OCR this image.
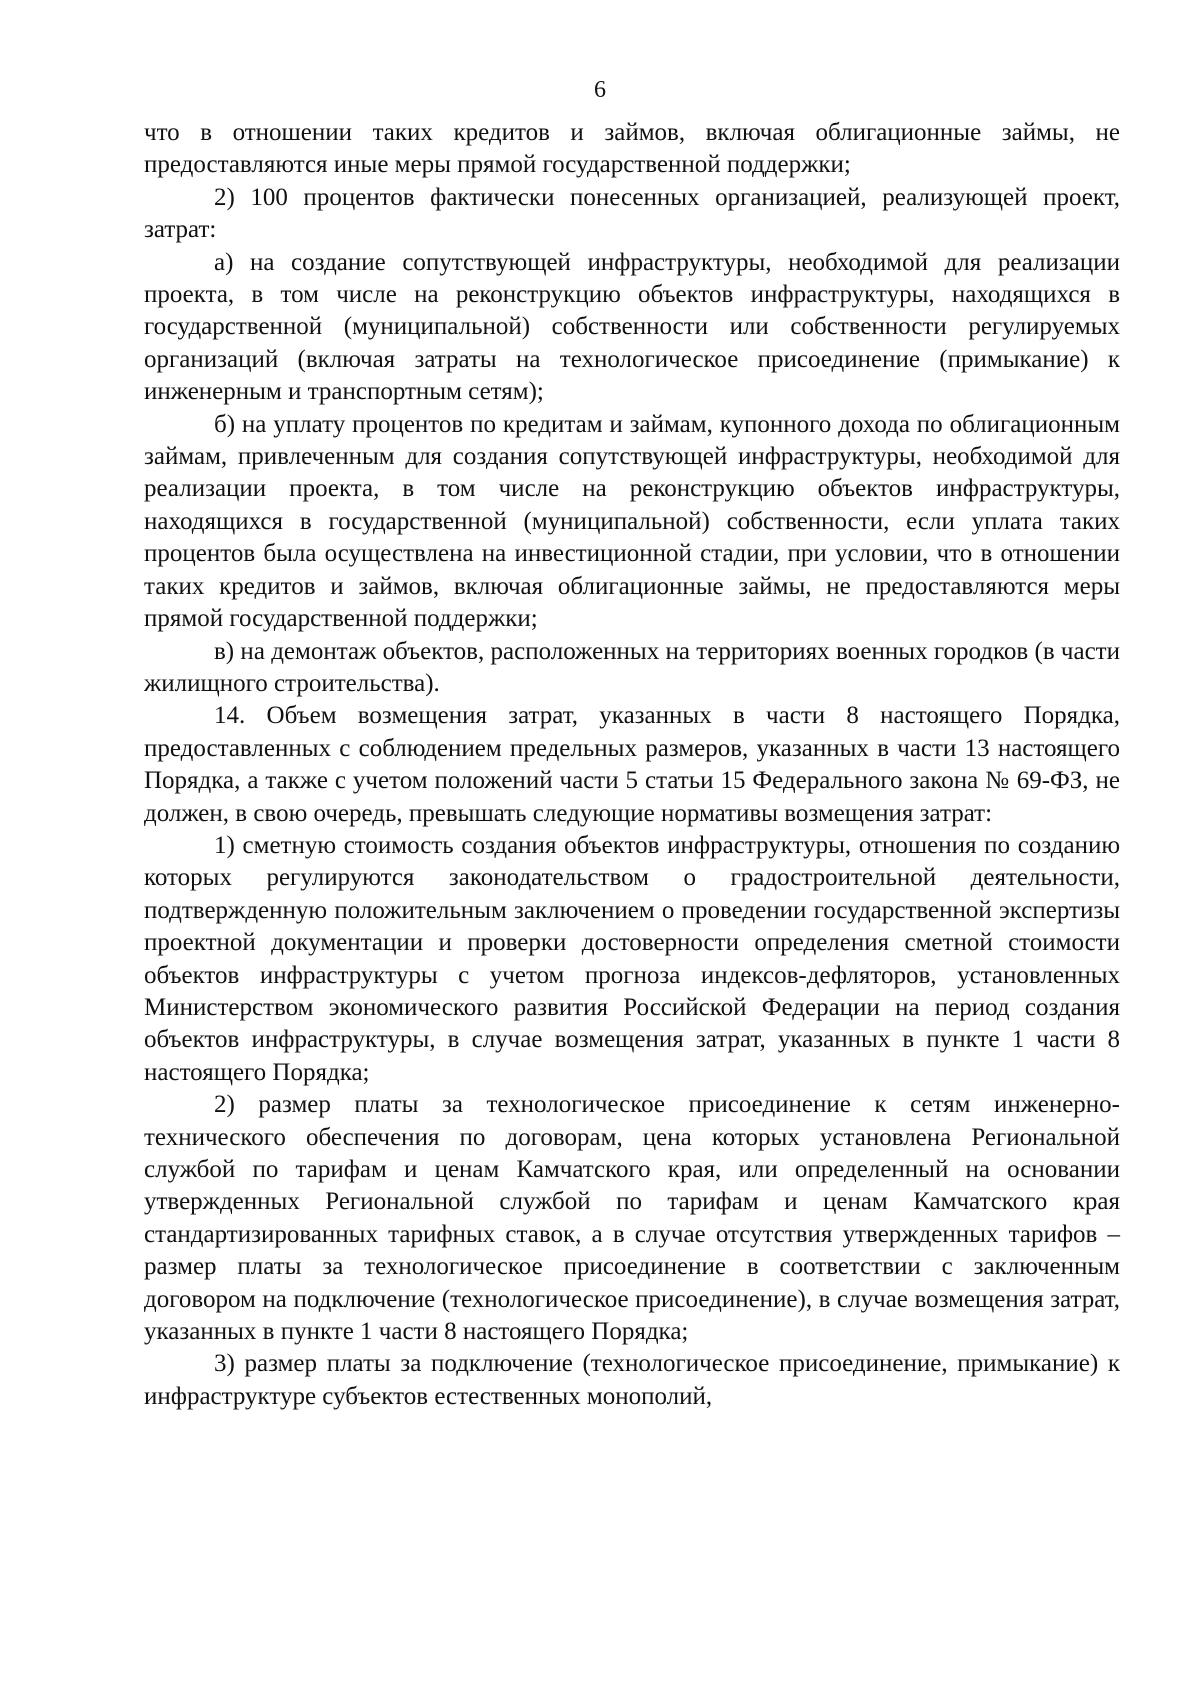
6

что в отношении таких кредитов и займов, включая облигационные займы, не предоставляются иные меры прямой государственной поддержки;

2) 100 процентов фактически понесенных организацией, реализующей проект, затрат:

а) на создание сопутствующей инфраструктуры, необходимой для реализации проекта, в том числе на реконструкцию объектов инфраструктуры, находящихся в государственной (муниципальной) собственности или собственности регулируемых организаций (включая затраты на технологическое присоединение (примыкание) к инженерным и транспортным сетям);

б) на уплату процентов по кредитам и займам, купонного дохода по облигационным займам, привлеченным для создания сопутствующей инфраструктуры, необходимой для реализации проекта, в том числе на реконструкцию объектов инфраструктуры, находящихся в государственной (муниципальной) собственности, если уплата таких процентов была осуществлена на инвестиционной стадии, при условии, что в отношении таких кредитов и займов, включая облигационные займы, не предоставляются меры прямой государственной поддержки;

в) на демонтаж объектов, расположенных на территориях военных городков (в части жилищного строительства).

14. Объем возмещения затрат, указанных в части 8 настоящего Порядка, предоставленных с соблюдением предельных размеров, указанных в части 13 настоящего Порядка, а также с учетом положений части 5 статьи 15 Федерального закона № 69-ФЗ, не должен, в свою очередь, превышать следующие нормативы возмещения затрат:

1) сметную стоимость создания объектов инфраструктуры, отношения по созданию которых регулируются законодательством о градостроительной деятельности, подтвержденную положительным заключением о проведении государственной экспертизы проектной документации и проверки достоверности определения сметной стоимости объектов инфраструктуры с учетом прогноза индексов-дефляторов, установленных Министерством экономического развития Российской Федерации на период создания объектов инфраструктуры, в случае возмещения затрат, указанных в пункте 1 части 8 настоящего Порядка;

2) размер платы за технологическое присоединение к сетям инженерно-технического обеспечения по договорам, цена которых установлена Региональной службой по тарифам и ценам Камчатского края, или определенный на основании утвержденных Региональной службой по тарифам и ценам Камчатского края стандартизированных тарифных ставок, а в случае отсутствия утвержденных тарифов – размер платы за технологическое присоединение в соответствии с заключенным договором на подключение (технологическое присоединение), в случае возмещения затрат, указанных в пункте 1 части 8 настоящего Порядка;

3) размер платы за подключение (технологическое присоединение, примыкание) к инфраструктуре субъектов естественных монополий,
